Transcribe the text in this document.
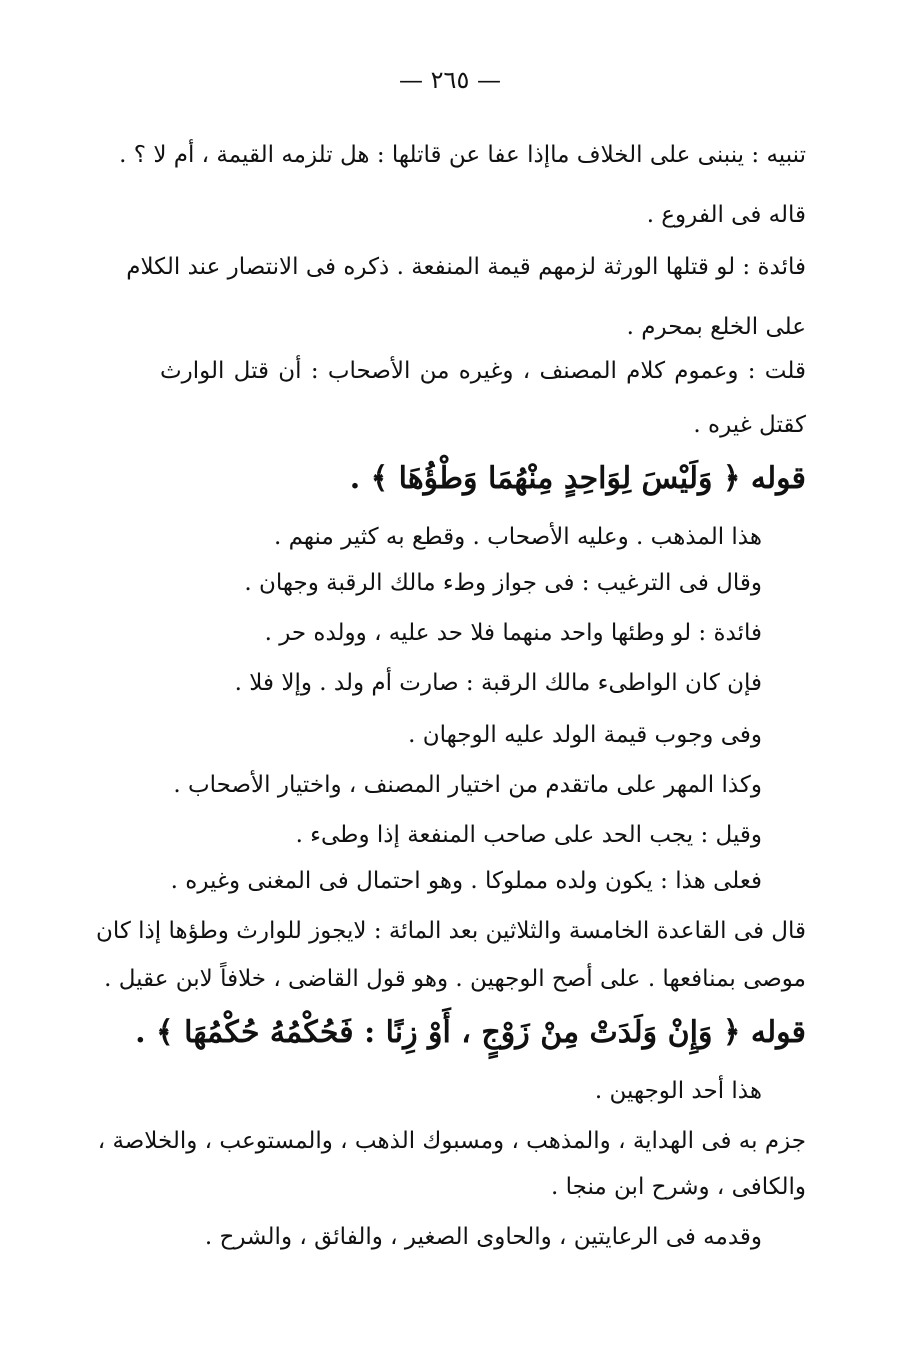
— ٢٦٥ —
تنبيه : ينبنى على الخلاف ماإذا عفا عن قاتلها : هل تلزمه القيمة ، أم لا ؟ .
قاله فى الفروع .
فائدة : لو قتلها الورثة لزمهم قيمة المنفعة . ذكره فى الانتصار عند الكلام
على الخلع بمحرم .
قلت : وعموم كلام المصنف ، وغيره من الأصحاب : أن قتل الوارث
كقتل غيره .
قوله ﴿ وَلَيْسَ لِوَاحِدٍ مِنْهُمَا وَطْؤُهَا ﴾ .
هذا المذهب . وعليه الأصحاب . وقطع به كثير منهم .
وقال فى الترغيب : فى جواز وطء مالك الرقبة وجهان .
فائدة : لو وطئها واحد منهما فلا حد عليه ، وولده حر .
فإن كان الواطىء مالك الرقبة : صارت أم ولد . وإلا فلا .
وفى وجوب قيمة الولد عليه الوجهان .
وكذا المهر على ماتقدم من اختيار المصنف ، واختيار الأصحاب .
وقيل : يجب الحد على صاحب المنفعة إذا وطىء .
فعلى هذا : يكون ولده مملوكا . وهو احتمال فى المغنى وغيره .
قال فى القاعدة الخامسة والثلاثين بعد المائة : لايجوز للوارث وطؤها إذا كان
موصى بمنافعها . على أصح الوجهين . وهو قول القاضى ، خلافاً لابن عقيل .
قوله ﴿ وَإِنْ وَلَدَتْ مِنْ زَوْجٍ ، أَوْ زِنًا : فَحُكْمُهُ حُكْمُهَا ﴾ .
هذا أحد الوجهين .
جزم به فى الهداية ، والمذهب ، ومسبوك الذهب ، والمستوعب ، والخلاصة ،
والكافى ، وشرح ابن منجا .
وقدمه فى الرعايتين ، والحاوى الصغير ، والفائق ، والشرح .
